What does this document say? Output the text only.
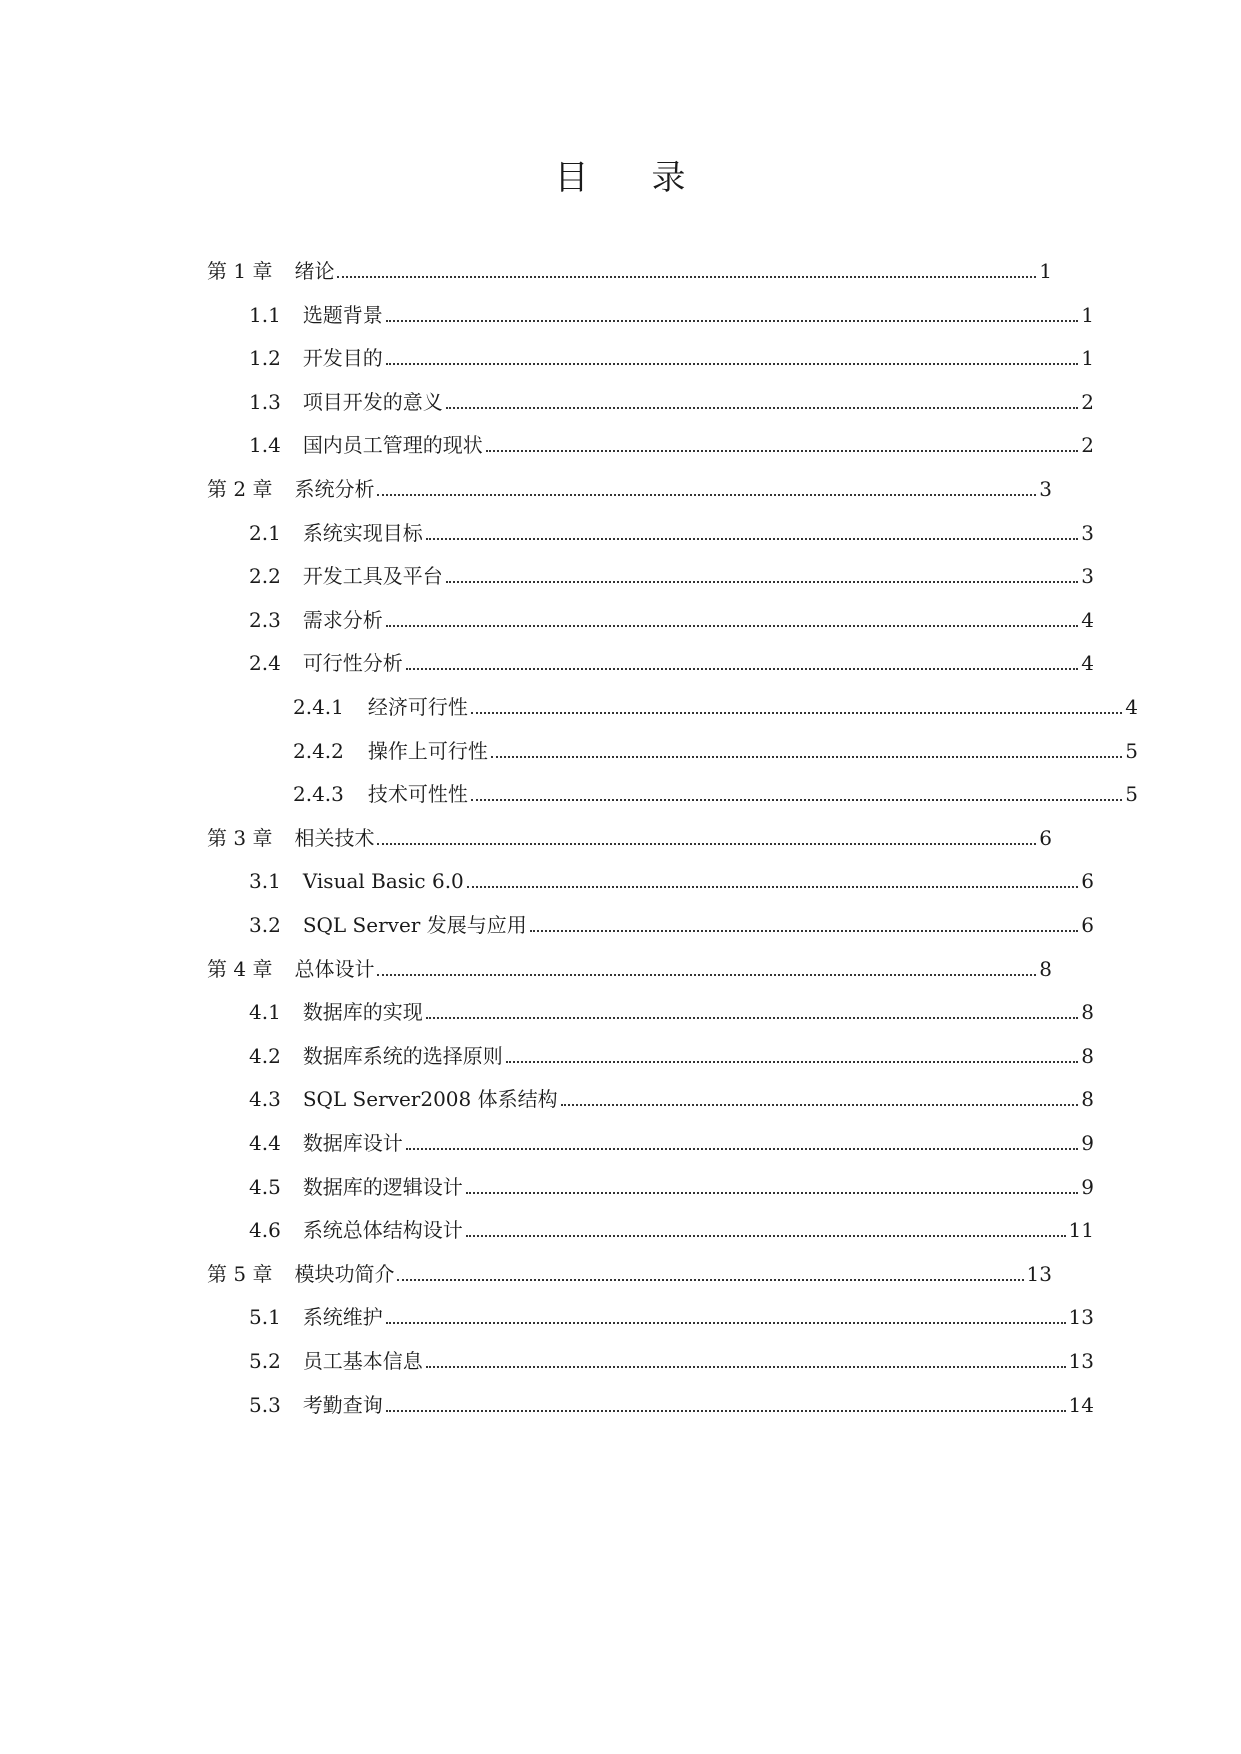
目 录
第 1 章 绪论	1
1.1 选题背景	1
1.2 开发目的	1
1.3 项目开发的意义	2
1.4 国内员工管理的现状	2
第 2 章 系统分析	3
2.1 系统实现目标	3
2.2 开发工具及平台	3
2.3 需求分析	4
2.4 可行性分析	4
2.4.1 经济可行性	4
2.4.2 操作上可行性	5
2.4.3 技术可性性	5
第 3 章 相关技术	6
3.1 Visual Basic 6.0	6
3.2 SQL Server 发展与应用	6
第 4 章 总体设计	8
4.1 数据库的实现	8
4.2 数据库系统的选择原则	8
4.3 SQL Server2008 体系结构	8
4.4 数据库设计	9
4.5 数据库的逻辑设计	9
4.6 系统总体结构设计	11
第 5 章 模块功简介	13
5.1 系统维护	13
5.2 员工基本信息	13
5.3 考勤查询	14
